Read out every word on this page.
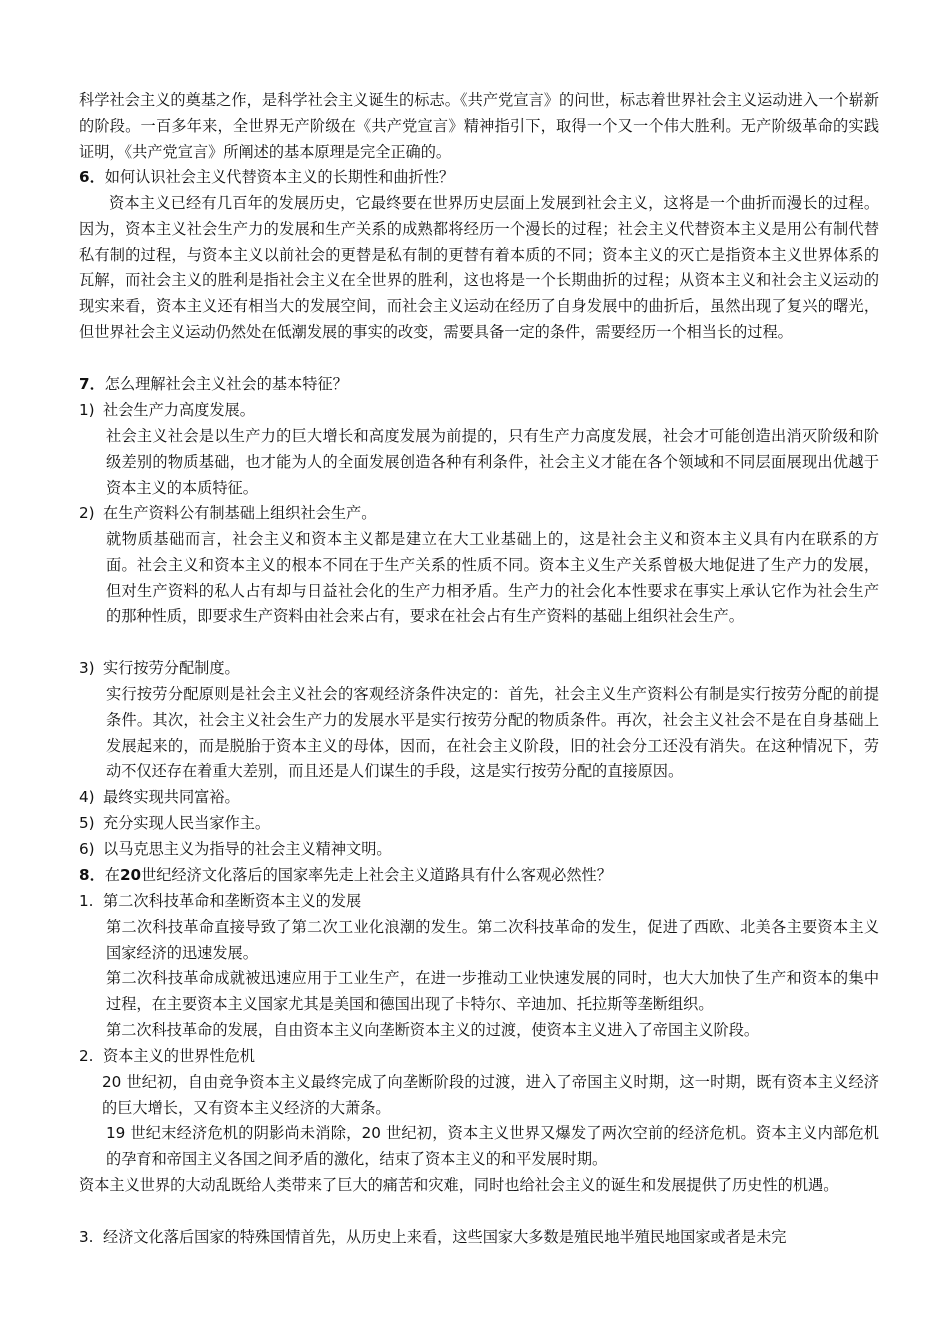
科学社会主义的奠基之作，是科学社会主义诞生的标志。《共产党宣言》的问世，标志着世界社会主义运动进入一个崭新的阶段。一百多年来，全世界无产阶级在《共产党宣言》精神指引下，取得一个又一个伟大胜利。无产阶级革命的实践证明，《共产党宣言》所阐述的基本原理是完全正确的。

6．如何认识社会主义代替资本主义的长期性和曲折性？

资本主义已经有几百年的发展历史，它最终要在世界历史层面上发展到社会主义，这将是一个曲折而漫长的过程。因为，资本主义社会生产力的发展和生产关系的成熟都将经历一个漫长的过程；社会主义代替资本主义是用公有制代替私有制的过程，与资本主义以前社会的更替是私有制的更替有着本质的不同；资本主义的灭亡是指资本主义世界体系的瓦解，而社会主义的胜利是指社会主义在全世界的胜利，这也将是一个长期曲折的过程；从资本主义和社会主义运动的现实来看，资本主义还有相当大的发展空间，而社会主义运动在经历了自身发展中的曲折后，虽然出现了复兴的曙光，但世界社会主义运动仍然处在低潮发展的事实的改变，需要具备一定的条件，需要经历一个相当长的过程。

7．怎么理解社会主义社会的基本特征？
1) 社会生产力高度发展。

社会主义社会是以生产力的巨大增长和高度发展为前提的，只有生产力高度发展，社会才可能创造出消灭阶级和阶级差别的物质基础，也才能为人的全面发展创造各种有利条件，社会主义才能在各个领域和不同层面展现出优越于资本主义的本质特征。

2) 在生产资料公有制基础上组织社会生产。

就物质基础而言，社会主义和资本主义都是建立在大工业基础上的，这是社会主义和资本主义具有内在联系的方面。社会主义和资本主义的根本不同在于生产关系的性质不同。资本主义生产关系曾极大地促进了生产力的发展，但对生产资料的私人占有却与日益社会化的生产力相矛盾。生产力的社会化本性要求在事实上承认它作为社会生产的那种性质，即要求生产资料由社会来占有，要求在社会占有生产资料的基础上组织社会生产。

3) 实行按劳分配制度。

实行按劳分配原则是社会主义社会的客观经济条件决定的：首先，社会主义生产资料公有制是实行按劳分配的前提条件。其次，社会主义社会生产力的发展水平是实行按劳分配的物质条件。再次，社会主义社会不是在自身基础上发展起来的，而是脱胎于资本主义的母体，因而，在社会主义阶段，旧的社会分工还没有消失。在这种情况下，劳动不仅还存在着重大差别，而且还是人们谋生的手段，这是实行按劳分配的直接原因。

4) 最终实现共同富裕。
5) 充分实现人民当家作主。
6) 以马克思主义为指导的社会主义精神文明。
8．在20世纪经济文化落后的国家率先走上社会主义道路具有什么客观必然性？
1. 第二次科技革命和垄断资本主义的发展

第二次科技革命直接导致了第二次工业化浪潮的发生。第二次科技革命的发生，促进了西欧、北美各主要资本主义国家经济的迅速发展。

第二次科技革命成就被迅速应用于工业生产，在进一步推动工业快速发展的同时，也大大加快了生产和资本的集中过程，在主要资本主义国家尤其是美国和德国出现了卡特尔、辛迪加、托拉斯等垄断组织。

第二次科技革命的发展，自由资本主义向垄断资本主义的过渡，使资本主义进入了帝国主义阶段。

2. 资本主义的世界性危机

20 世纪初，自由竞争资本主义最终完成了向垄断阶段的过渡，进入了帝国主义时期，这一时期，既有资本主义经济的巨大增长，又有资本主义经济的大萧条。

19 世纪末经济危机的阴影尚未消除，20 世纪初，资本主义世界又爆发了两次空前的经济危机。资本主义内部危机的孕育和帝国主义各国之间矛盾的激化，结束了资本主义的和平发展时期。

资本主义世界的大动乱既给人类带来了巨大的痛苦和灾难，同时也给社会主义的诞生和发展提供了历史性的机遇。

3. 经济文化落后国家的特殊国情首先，从历史上来看，这些国家大多数是殖民地半殖民地国家或者是未完
